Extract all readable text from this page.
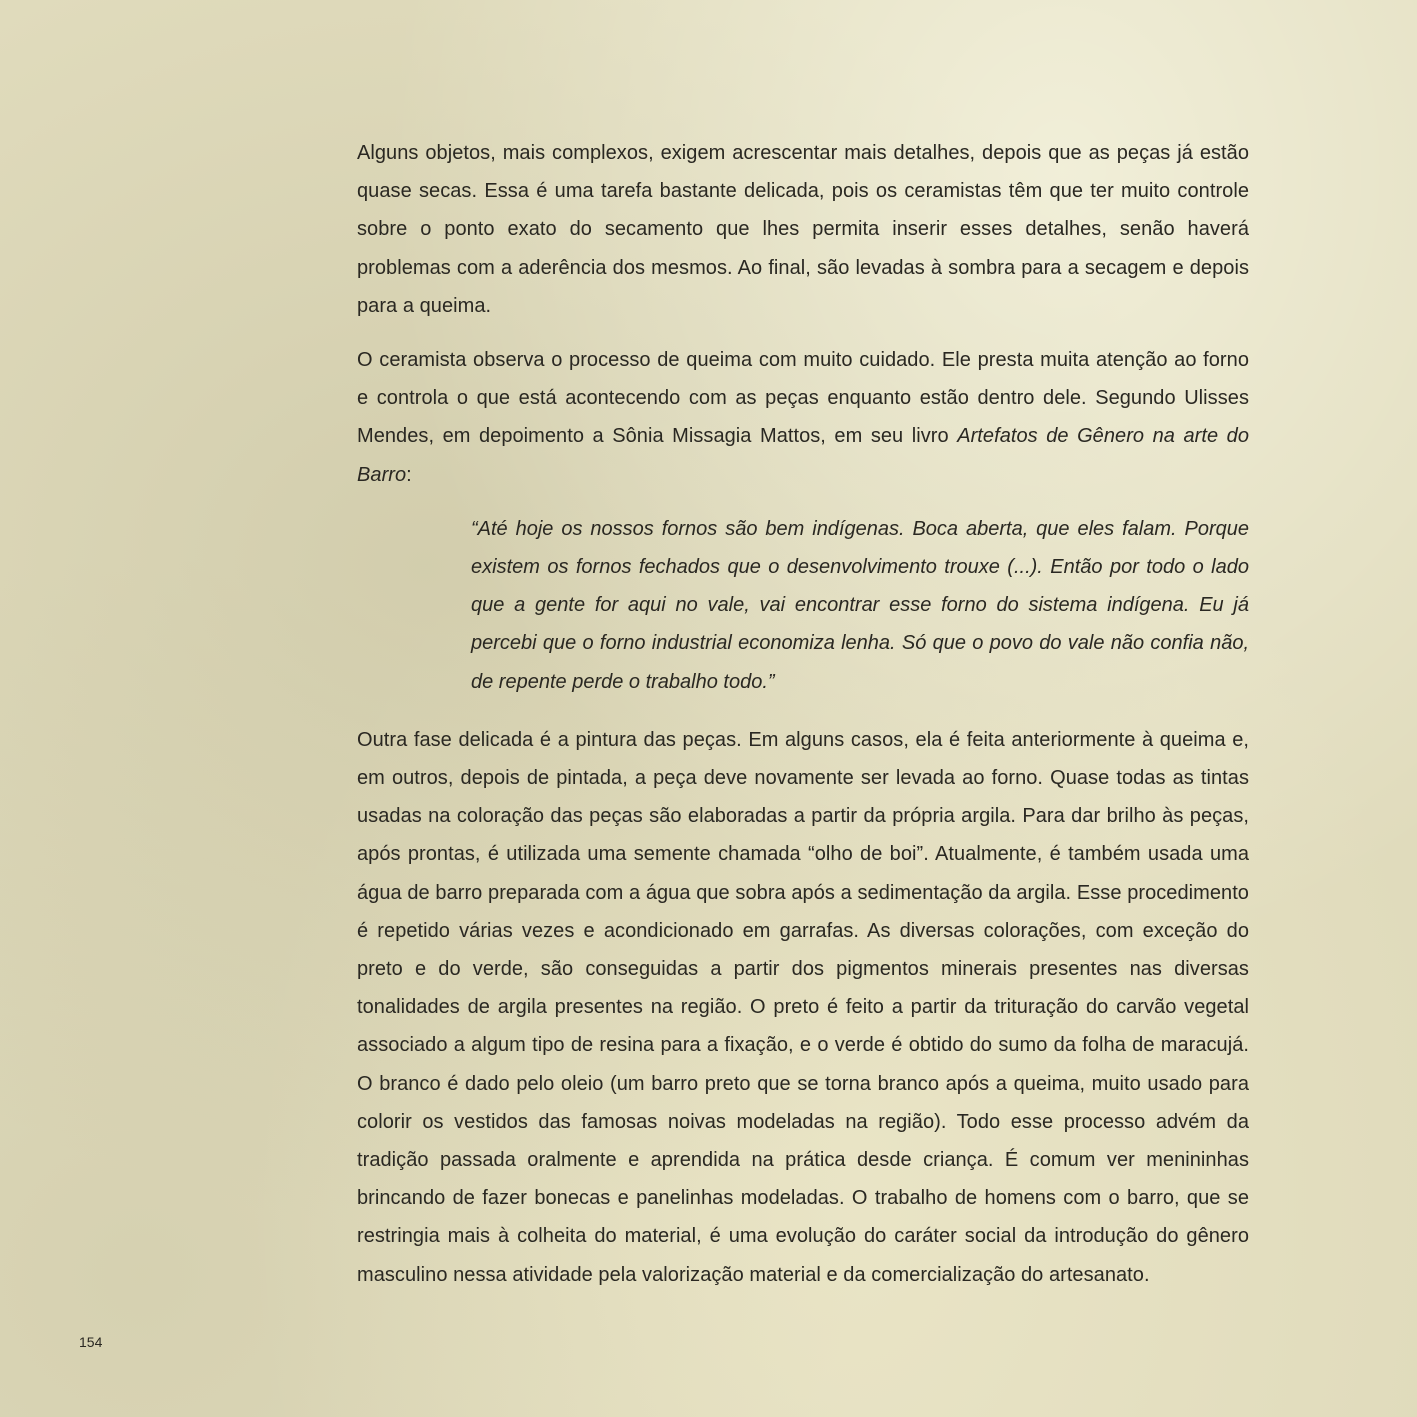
Alguns objetos, mais complexos, exigem acrescentar mais detalhes, depois que as peças já estão quase secas. Essa é uma tarefa bastante delicada, pois os ceramistas têm que ter muito controle sobre o ponto exato do secamento que lhes permita inserir esses detalhes, senão haverá problemas com a aderência dos mesmos. Ao final, são levadas à sombra para a secagem e depois para a queima.

O ceramista observa o processo de queima com muito cuidado. Ele presta muita atenção ao forno e controla o que está acontecendo com as peças enquanto estão dentro dele. Segundo Ulisses Mendes, em depoimento a Sônia Missagia Mattos, em seu livro Artefatos de Gênero na arte do Barro:

“Até hoje os nossos fornos são bem indígenas. Boca aberta, que eles falam. Porque existem os fornos fechados que o desenvolvimento trouxe (...). Então por todo o lado que a gente for aqui no vale, vai encontrar esse forno do sistema indígena. Eu já percebi que o forno industrial economiza lenha. Só que o povo do vale não confia não, de repente perde o trabalho todo.”

Outra fase delicada é a pintura das peças. Em alguns casos, ela é feita anteriormente à queima e, em outros, depois de pintada, a peça deve novamente ser levada ao forno. Quase todas as tintas usadas na coloração das peças são elaboradas a partir da própria argila. Para dar brilho às peças, após prontas, é utilizada uma semente chamada “olho de boi”. Atualmente, é também usada uma água de barro preparada com a água que sobra após a sedimentação da argila. Esse procedimento é repetido várias vezes e acondicionado em garrafas. As diversas colorações, com exceção do preto e do verde, são conseguidas a partir dos pigmentos minerais presentes nas diversas tonalidades de argila presentes na região. O preto é feito a partir da trituração do carvão vegetal associado a algum tipo de resina para a fixação, e o verde é obtido do sumo da folha de maracujá. O branco é dado pelo oleio (um barro preto que se torna branco após a queima, muito usado para colorir os vestidos das famosas noivas modeladas na região). Todo esse processo advém da tradição passada oralmente e aprendida na prática desde criança. É comum ver menininhas brincando de fazer bonecas e panelinhas modeladas. O trabalho de homens com o barro, que se restringia mais à colheita do material, é uma evolução do caráter social da introdução do gênero masculino nessa atividade pela valorização material e da comercialização do artesanato.

154
